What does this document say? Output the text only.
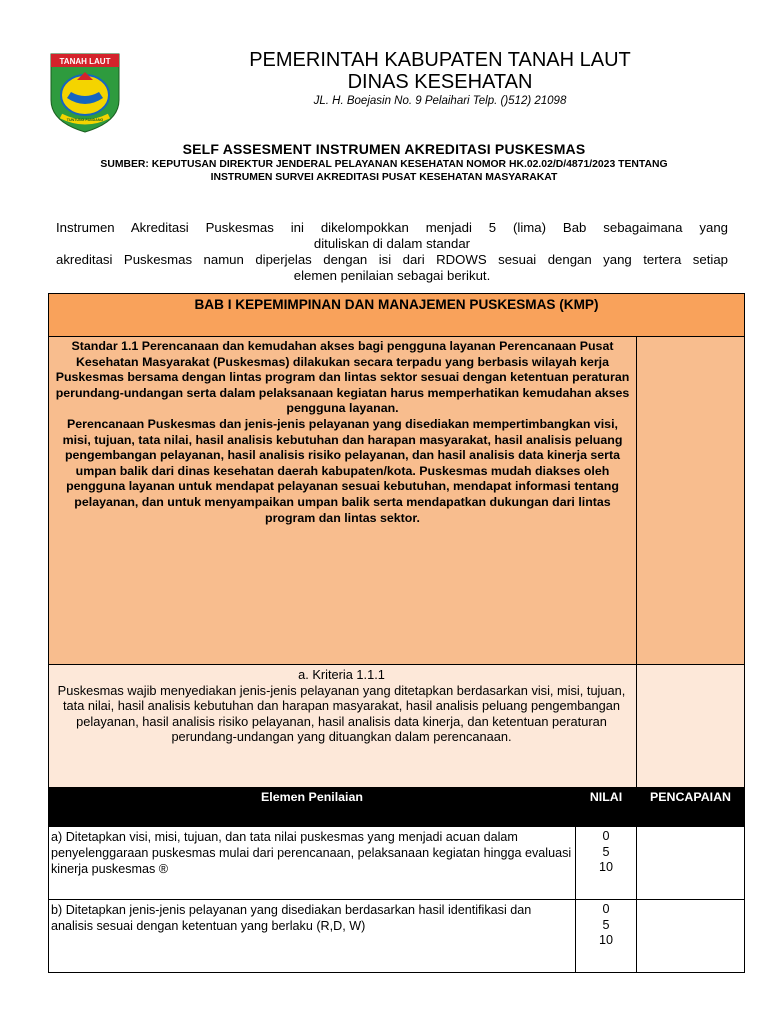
TANAH LAUT
TUNTUNG PANDANG
PEMERINTAH KABUPATEN TANAH LAUT
DINAS KESEHATAN
JL. H. Boejasin No. 9 Pelaihari Telp. ()512) 21098
SELF ASSESMENT INSTRUMEN AKREDITASI PUSKESMAS
SUMBER: KEPUTUSAN DIREKTUR JENDERAL PELAYANAN KESEHATAN NOMOR HK.02.02/D/4871/2023 TENTANG
INSTRUMEN SURVEI AKREDITASI PUSAT KESEHATAN MASYARAKAT

Instrumen Akreditasi Puskesmas ini dikelompokkan menjadi 5 (lima) Bab sebagaimana yang

dituliskan di dalam standar

akreditasi Puskesmas namun diperjelas dengan isi dari RDOWS sesuai dengan yang tertera setiap

elemen penilaian sebagai berikut.

BAB I KEPEMIMPINAN DAN MANAJEMEN PUSKESMAS (KMP)		

Standar 1.1 Perencanaan dan kemudahan akses bagi pengguna layanan Perencanaan Pusat Kesehatan Masyarakat (Puskesmas) dilakukan secara terpadu yang berbasis wilayah kerja Puskesmas bersama dengan lintas program dan lintas sektor sesuai dengan ketentuan peraturan perundang-undangan serta dalam pelaksanaan kegiatan harus memperhatikan kemudahan akses pengguna layanan.

Perencanaan Puskesmas dan jenis-jenis pelayanan yang disediakan mempertimbangkan visi, misi, tujuan, tata nilai, hasil analisis kebutuhan dan harapan masyarakat, hasil analisis peluang pengembangan pelayanan, hasil analisis risiko pelayanan, dan hasil analisis data kinerja serta umpan balik dari dinas kesehatan daerah kabupaten/kota. Puskesmas mudah diakses oleh pengguna layanan untuk mendapat pelayanan sesuai kebutuhan, mendapat informasi tentang pelayanan, dan untuk menyampaikan umpan balik serta mendapatkan dukungan dari lintas program dan lintas sektor.		

a. Kriteria 1.1.1

Puskesmas wajib menyediakan jenis-jenis pelayanan yang ditetapkan berdasarkan visi, misi, tujuan, tata nilai, hasil analisis kebutuhan dan harapan masyarakat, hasil analisis peluang pengembangan pelayanan, hasil analisis risiko pelayanan, hasil analisis data kinerja, dan ketentuan peraturan perundang-undangan yang dituangkan dalam perencanaan.		

Elemen Penilaian	NILAI	PENCAPAIAN

a) Ditetapkan visi, misi, tujuan, dan tata nilai puskesmas yang menjadi acuan dalam penyelenggaraan puskesmas mulai dari perencanaan, pelaksanaan kegiatan hingga evaluasi kinerja puskesmas ®	0
5
10	

b) Ditetapkan jenis-jenis pelayanan yang disediakan berdasarkan hasil identifikasi dan analisis sesuai dengan ketentuan yang berlaku (R,D, W)	0
5
10	
